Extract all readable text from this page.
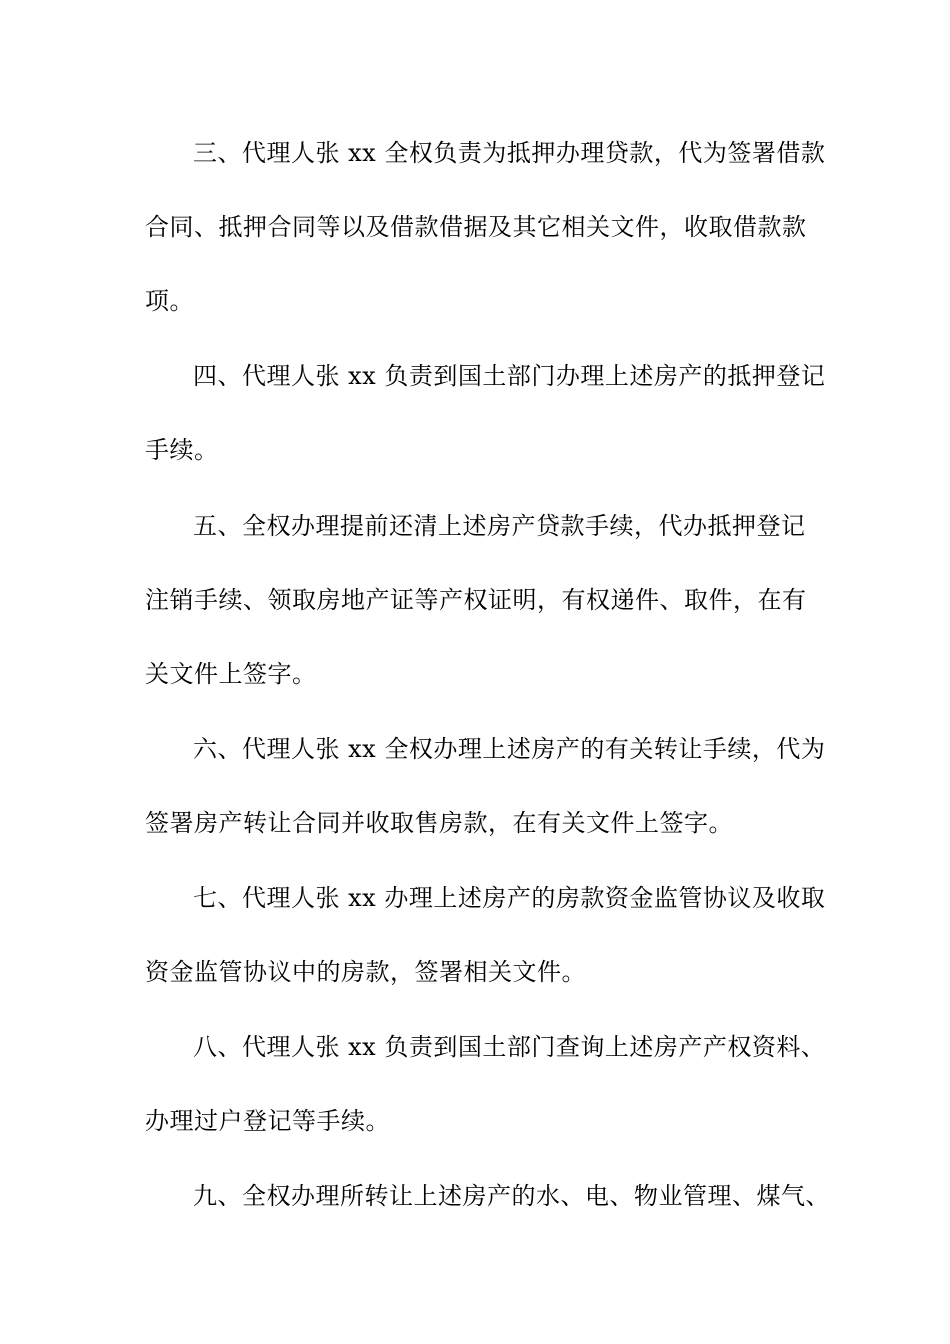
三、代理人张 xx 全权负责为抵押办理贷款，代为签署借款
合同、抵押合同等以及借款借据及其它相关文件，收取借款款
项。
四、代理人张 xx 负责到国土部门办理上述房产的抵押登记
手续。
五、全权办理提前还清上述房产贷款手续，代办抵押登记
注销手续、领取房地产证等产权证明，有权递件、取件，在有
关文件上签字。
六、代理人张 xx 全权办理上述房产的有关转让手续，代为
签署房产转让合同并收取售房款，在有关文件上签字。
七、代理人张 xx 办理上述房产的房款资金监管协议及收取
资金监管协议中的房款，签署相关文件。
八、代理人张 xx 负责到国土部门查询上述房产产权资料、
办理过户登记等手续。
九、全权办理所转让上述房产的水、电、物业管理、煤气、
